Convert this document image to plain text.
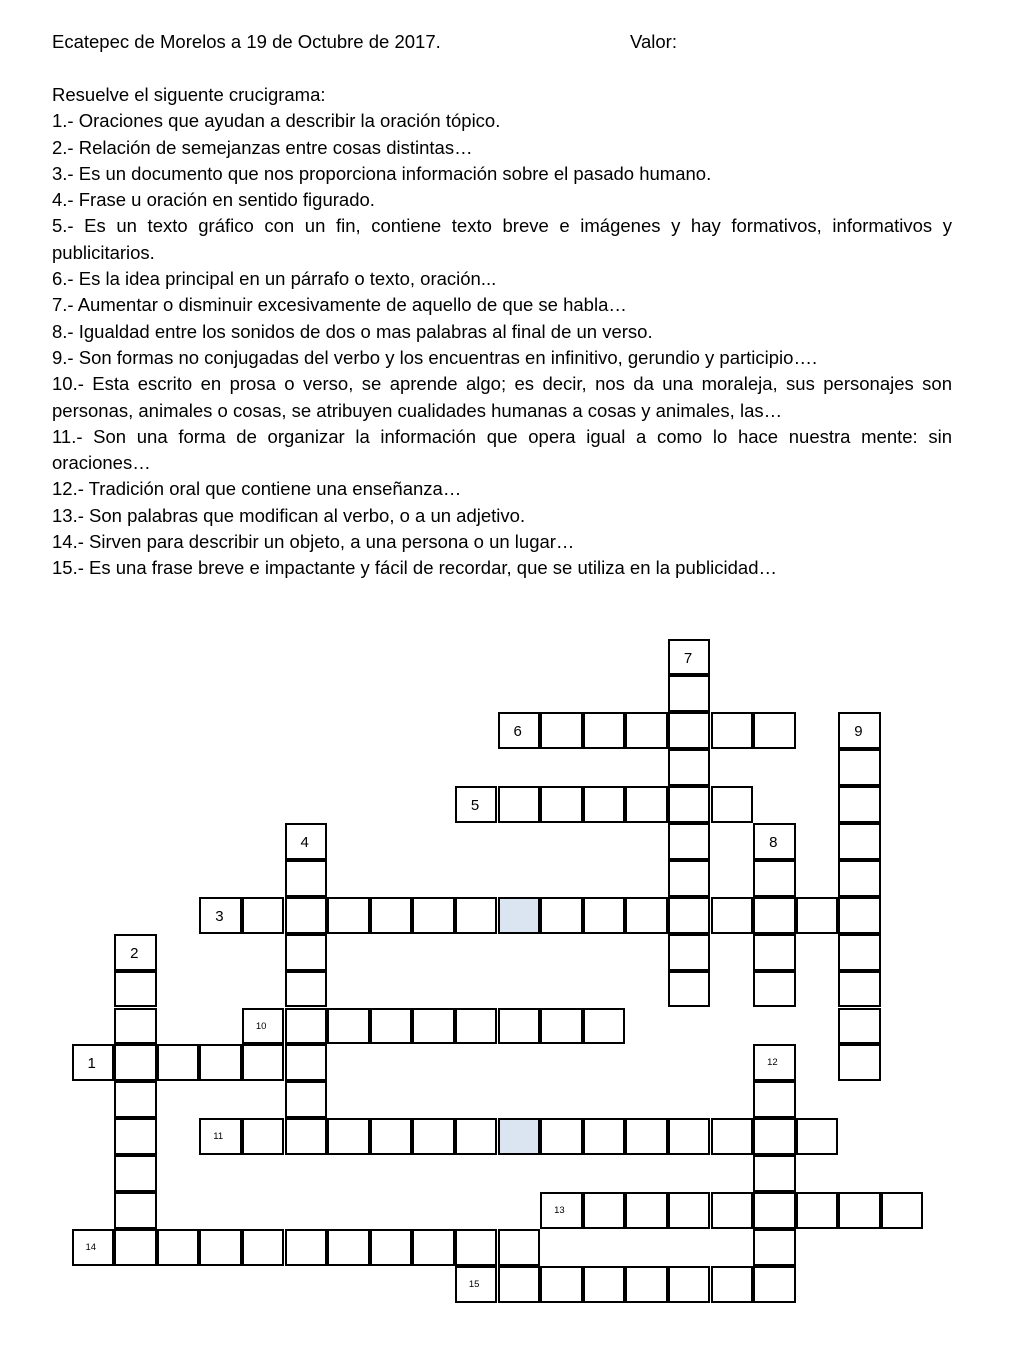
Ecatepec de Morelos a 19 de Octubre de 2017.	Valor:
Resuelve el siguente crucigrama:
1.- Oraciones que ayudan a describir la oración tópico.
2.- Relación de semejanzas entre cosas distintas…
3.- Es un documento que nos proporciona información sobre el pasado humano.
4.- Frase u oración en sentido figurado.
5.- Es un texto gráfico con un fin, contiene texto breve e imágenes y hay formativos, informativos y publicitarios.
6.- Es la idea principal en un párrafo o texto, oración...
7.- Aumentar o disminuir excesivamente de aquello de que se habla…
8.- Igualdad entre los sonidos de dos o mas palabras al final de un verso.
9.- Son formas no conjugadas del verbo y los encuentras en infinitivo, gerundio y participio….
10.- Esta escrito en prosa o verso, se aprende algo; es decir, nos da una moraleja, sus personajes son personas, animales o cosas, se atribuyen cualidades humanas a cosas y animales, las…
11.- Son una forma de organizar la información que opera igual a como lo hace nuestra mente: sin oraciones…
12.- Tradición oral que contiene una enseñanza…
13.- Son palabras que modifican al verbo, o a un adjetivo.
14.- Sirven para describir un objeto, a una persona o un lugar…
15.- Es una frase breve e impactante y fácil de recordar, que se utiliza en la publicidad…
1
2
3
4
5
6
7
8
9
10
11
12
13
14
15
